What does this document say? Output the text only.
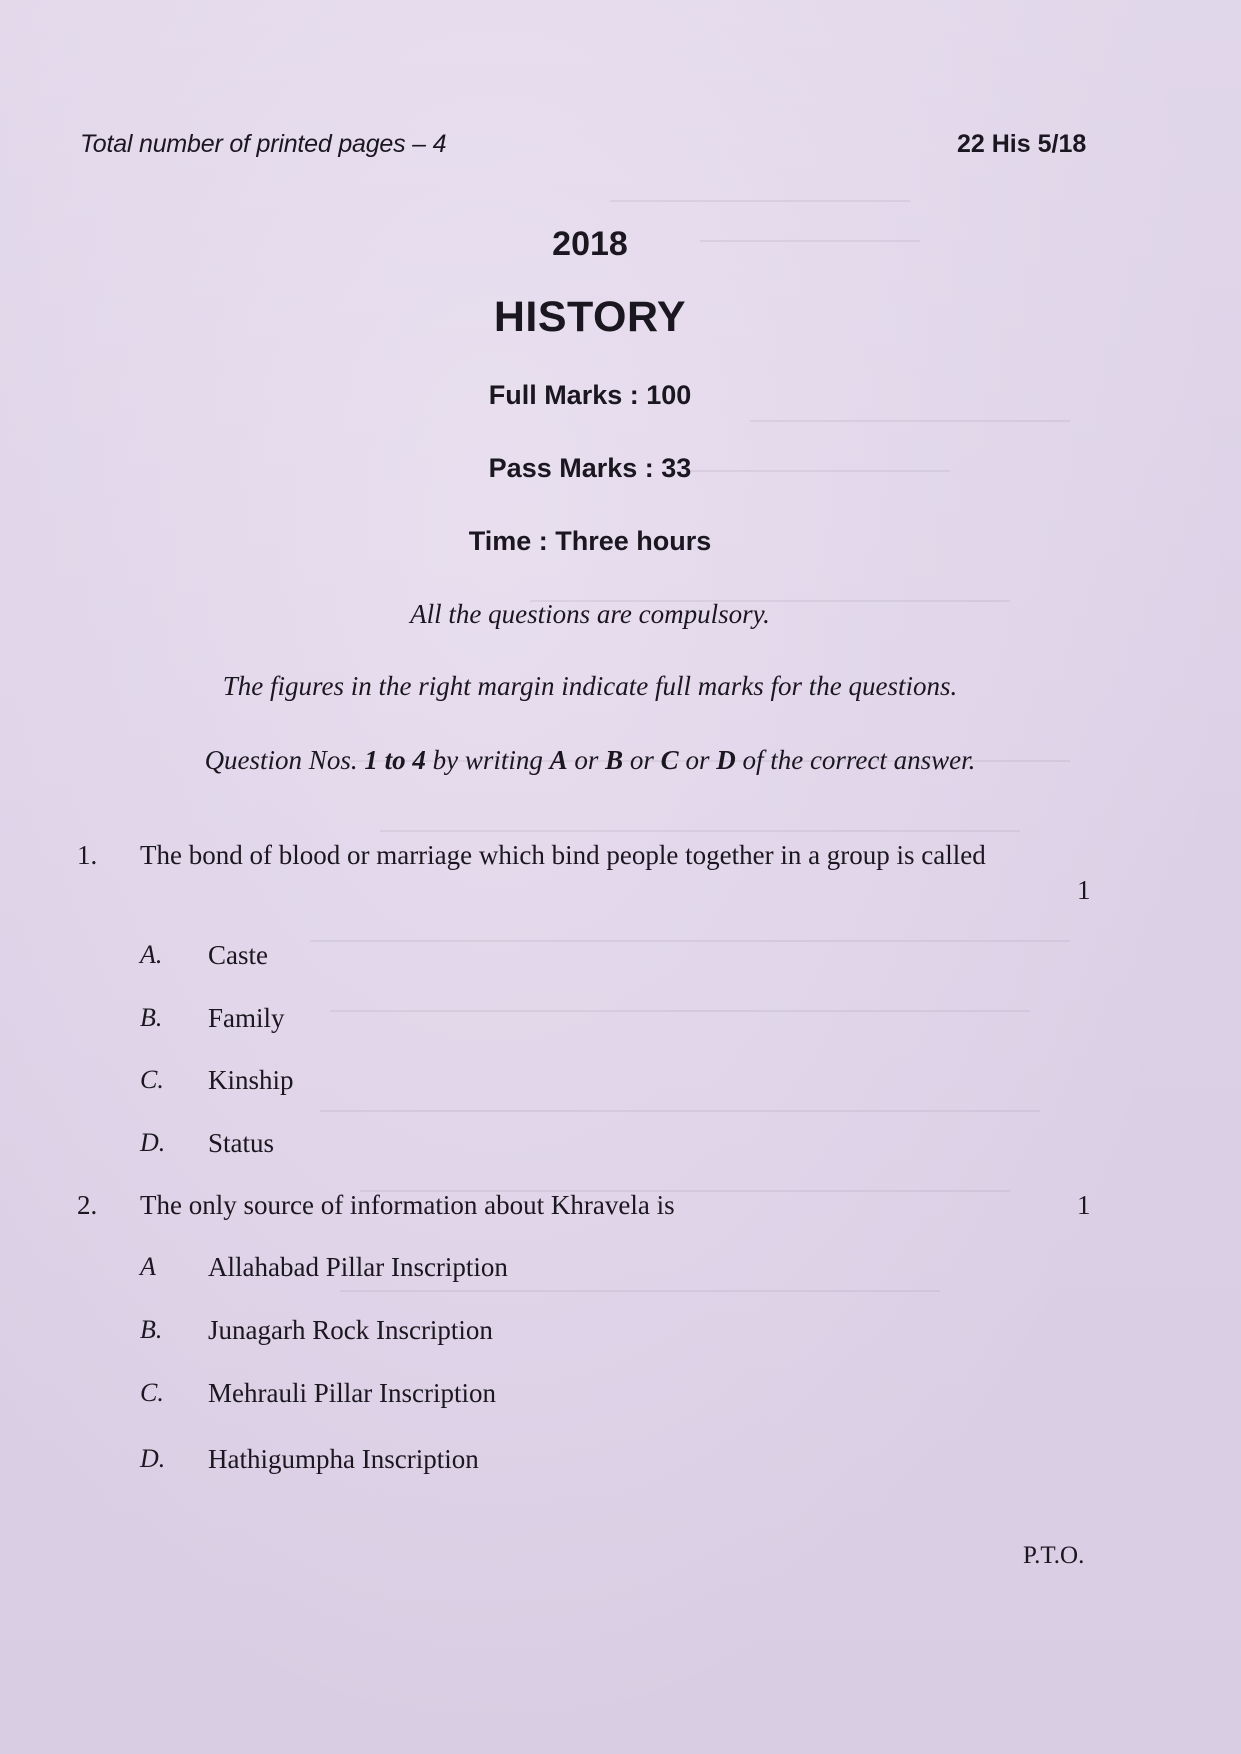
Total number of printed pages – 4	22 His 5/18
2018
HISTORY
Full Marks : 100
Pass Marks : 33
Time : Three hours
All the questions are compulsory.
The figures in the right margin indicate full marks for the questions.
Question Nos. 1 to 4 by writing A or B or C or D of the correct answer.
1. The bond of blood or marriage which bind people together in a group is called
1
A. Caste
B. Family
C. Kinship
D. Status
2. The only source of information about Khravela is	1
A Allahabad Pillar Inscription
B. Junagarh Rock Inscription
C. Mehrauli Pillar Inscription
D. Hathigumpha Inscription
P.T.O.
